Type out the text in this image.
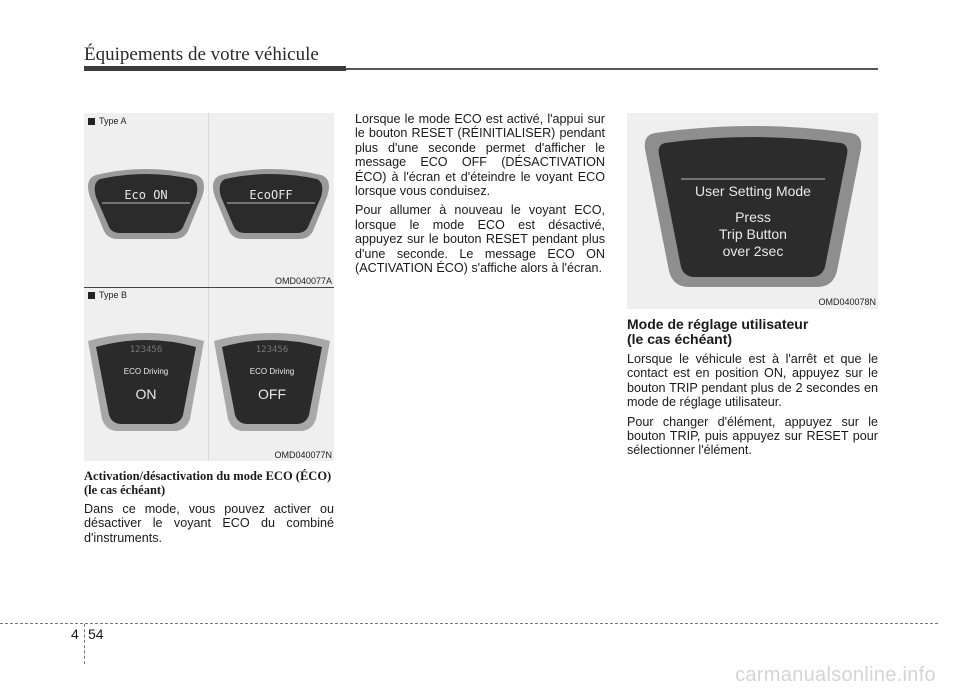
Équipements de votre véhicule
Type A
Eco ON	EcoOFF
OMD040077A
Type B
123456
ECO Driving
ON
123456
ECO Driving
OFF
OMD040077N
Activation/désactivation du mode ECO (ÉCO) (le cas échéant)

Dans ce mode, vous pouvez activer ou désactiver le voyant ECO du combiné d'instruments.

Lorsque le mode ECO est activé, l'appui sur le bouton RESET (RÉINITIALISER) pendant plus d'une seconde permet d'afficher le message ECO OFF (DÉSACTIVATION ÉCO) à l'écran et d'éteindre le voyant ECO lorsque vous conduisez.

Pour allumer à nouveau le voyant ECO, lorsque le mode ECO est désactivé, appuyez sur le bouton RESET pendant plus d'une seconde. Le message ECO ON (ACTIVATION ÉCO) s'affiche alors à l'écran.

User Setting Mode
Press
Trip Button
over 2sec
OMD040078N
Mode de réglage utilisateur
(le cas échéant)

Lorsque le véhicule est à l'arrêt et que le contact est en position ON, appuyez sur le bouton TRIP pendant plus de 2 secondes en mode de réglage utilisateur.

Pour changer d'élément, appuyez sur le bouton TRIP, puis appuyez sur RESET pour sélectionner l'élément.

4 54
carmanualsonline.info
